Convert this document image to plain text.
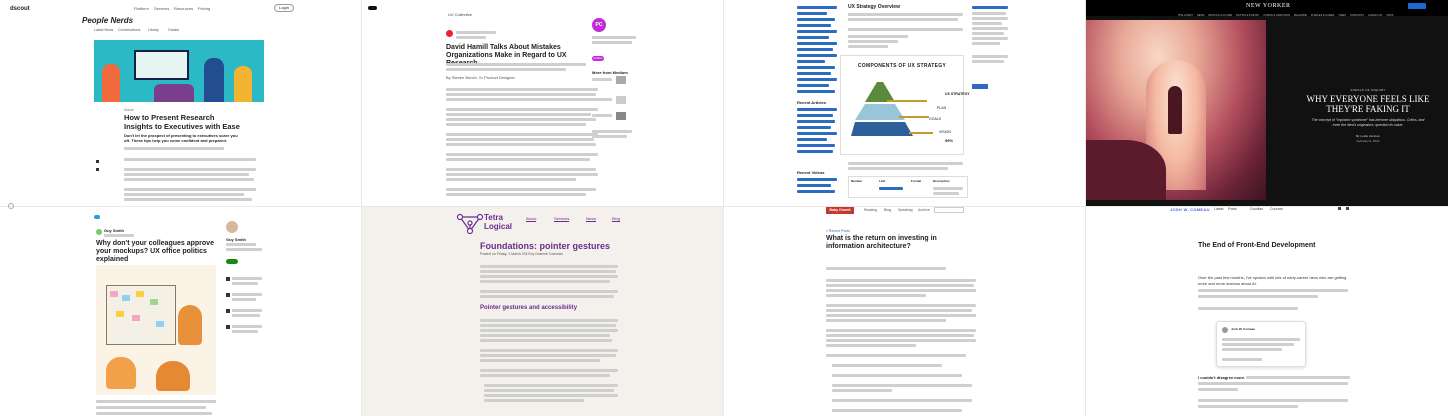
dscout	Platform Services Resources Pricing	Login
People Nerds
Latest News Conversations Library	Guides
Article
How to Present Research Insights to Executives with Ease
Don't let the prospect of presenting to executives scare you off. These tips help you come confident and prepared.
UX Collective
David Hamill Talks About Mistakes Organizations Make in Regard to UX
By Steven Bench, Sr Product Designer
PC
Follow
More from Medium
Recent Articles
Recent Videos
UX Strategy Overview
COMPONENTS OF UX STRATEGY
PLAN
GOALS
VISION
UX STRATEGY
99%
Number	Link	Format	Description
NEW YORKER
THE LATEST NEWS BOOKS & CULTURE FICTION & POETRY HUMOR & CARTOONS MAGAZINE PUZZLES & GAMES VIDEO PODCASTS GOINGS ON SHOP
ANNALS OF INQUIRY
WHY EVERYONE FEELS LIKE THEY'RE FAKING IT
The concept of "impostor syndrome" has become ubiquitous. Critics, and even the idea's originators, question its value.
By Leslie Jamison
February 6, 2023
Guy Smith
Why don't your colleagues approve your mockups? UX office politics explained
Guy Smith
Tetra
Logical
About	Services	News	Blog
Foundations: pointer gestures
Posted on Friday, 1 March 2019 by Graeme Coleman
Pointer gestures and accessibility
Baby Gromit	Reading Blog Speaking Archive
« Recent Posts
What is the return on investing in information architecture?
JOSH W. COMEAU Latest Posts	Goodies Courses
The End of Front-End Development
Over the past few months, I've spoken with lots of early-career devs who are getting more and more anxious about AI.
Josh W. Comeau
I couldn't disagree more.
